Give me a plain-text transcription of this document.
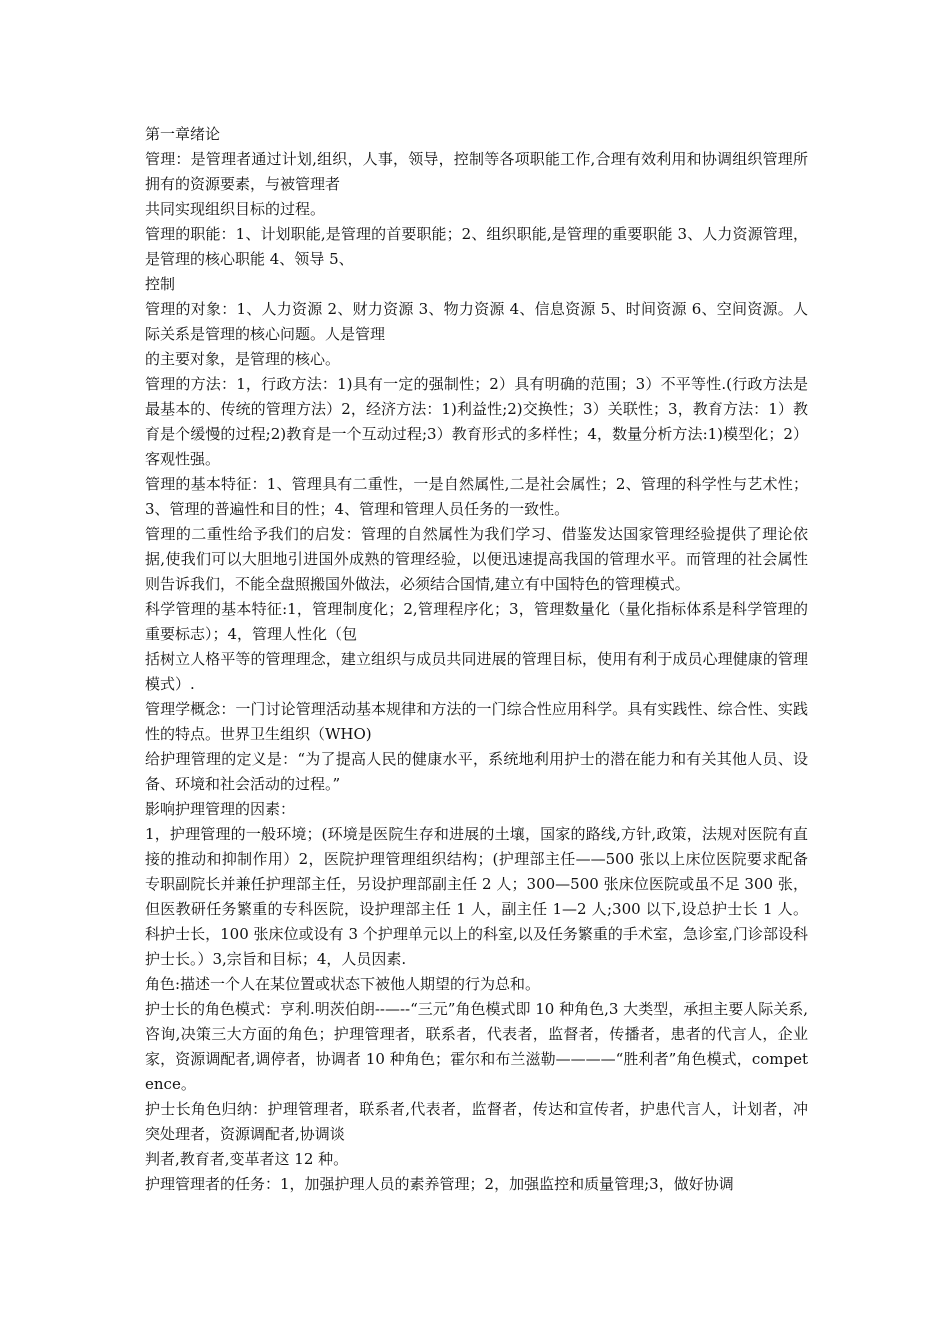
第一章绪论

管理：是管理者通过计划,组织，人事，领导，控制等各项职能工作,合理有效利用和协调组织管理所拥有的资源要素，与被管理者

共同实现组织目标的过程。

管理的职能：1、计划职能,是管理的首要职能；2、组织职能,是管理的重要职能 3、人力资源管理，是管理的核心职能 4、领导 5、

控制

管理的对象：1、人力资源 2、财力资源 3、物力资源 4、信息资源 5、时间资源 6、空间资源。人际关系是管理的核心问题。人是管理

的主要对象，是管理的核心。

管理的方法：1，行政方法：1)具有一定的强制性；2）具有明确的范围；3）不平等性.(行政方法是最基本的、传统的管理方法）2，经济方法：1)利益性;2)交换性；3）关联性；3，教育方法：1）教育是个缓慢的过程;2)教育是一个互动过程;3）教育形式的多样性；4，数量分析方法:1)模型化；2）客观性强。

管理的基本特征：1、管理具有二重性，一是自然属性,二是社会属性；2、管理的科学性与艺术性；3、管理的普遍性和目的性；4、管理和管理人员任务的一致性。

管理的二重性给予我们的启发：管理的自然属性为我们学习、借鉴发达国家管理经验提供了理论依据,使我们可以大胆地引进国外成熟的管理经验，以便迅速提高我国的管理水平。而管理的社会属性则告诉我们，不能全盘照搬国外做法，必须结合国情,建立有中国特色的管理模式。

科学管理的基本特征:1，管理制度化；2,管理程序化；3，管理数量化（量化指标体系是科学管理的重要标志）；4，管理人性化（包

括树立人格平等的管理理念，建立组织与成员共同进展的管理目标，使用有利于成员心理健康的管理模式）.

管理学概念：一门讨论管理活动基本规律和方法的一门综合性应用科学。具有实践性、综合性、实践性的特点。世界卫生组织（WHO)

给护理管理的定义是：“为了提高人民的健康水平，系统地利用护士的潜在能力和有关其他人员、设备、环境和社会活动的过程。”

影响护理管理的因素：

1，护理管理的一般环境；(环境是医院生存和进展的土壤，国家的路线,方针,政策，法规对医院有直接的推动和抑制作用）2，医院护理管理组织结构；(护理部主任——500 张以上床位医院要求配备专职副院长并兼任护理部主任，另设护理部副主任 2 人；300—500 张床位医院或虽不足 300 张，但医教研任务繁重的专科医院，设护理部主任 1 人，副主任 1—2 人;300 以下,设总护士长 1 人。科护士长，100 张床位或设有 3 个护理单元以上的科室,以及任务繁重的手术室，急诊室,门诊部设科护士长。）3,宗旨和目标；4，人员因素.

角色:描述一个人在某位置或状态下被他人期望的行为总和。

护士长的角色模式：亨利.明茨伯朗--—--“三元”角色模式即 10 种角色,3 大类型，承担主要人际关系,咨询,决策三大方面的角色；护理管理者，联系者，代表者，监督者，传播者，患者的代言人，企业家，资源调配者,调停者，协调者 10 种角色；霍尔和布兰滋勒————“胜利者”角色模式，competence。

护士长角色归纳：护理管理者，联系者,代表者，监督者，传达和宣传者，护患代言人，计划者，冲突处理者，资源调配者,协调谈

判者,教育者,变革者这 12 种。

护理管理者的任务：1，加强护理人员的素养管理；2，加强监控和质量管理;3，做好协调
